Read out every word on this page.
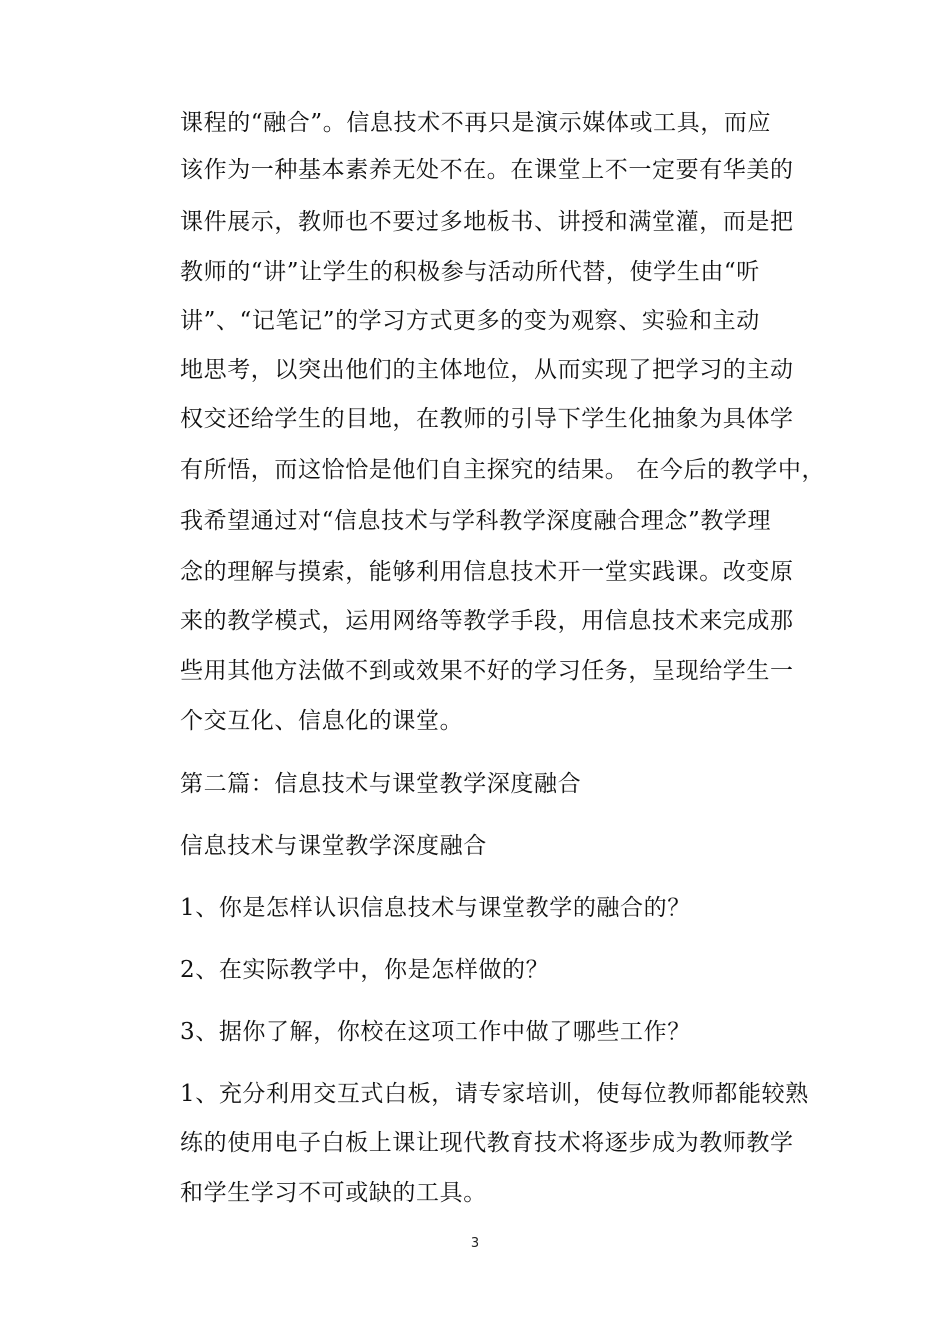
课程的“融合”。信息技术不再只是演示媒体或工具，而应
该作为一种基本素养无处不在。在课堂上不一定要有华美的
课件展示，教师也不要过多地板书、讲授和满堂灌，而是把
教师的“讲”让学生的积极参与活动所代替，使学生由“听
讲”、“记笔记”的学习方式更多的变为观察、实验和主动
地思考，以突出他们的主体地位，从而实现了把学习的主动
权交还给学生的目地，在教师的引导下学生化抽象为具体学
有所悟，而这恰恰是他们自主探究的结果。 在今后的教学中，
我希望通过对“信息技术与学科教学深度融合理念”教学理
念的理解与摸索，能够利用信息技术开一堂实践课。改变原
来的教学模式，运用网络等教学手段，用信息技术来完成那
些用其他方法做不到或效果不好的学习任务，呈现给学生一
个交互化、信息化的课堂。
第二篇：信息技术与课堂教学深度融合
信息技术与课堂教学深度融合
1、你是怎样认识信息技术与课堂教学的融合的？
2、在实际教学中，你是怎样做的？
3、据你了解，你校在这项工作中做了哪些工作？
1、充分利用交互式白板，请专家培训，使每位教师都能较熟
练的使用电子白板上课让现代教育技术将逐步成为教师教学
和学生学习不可或缺的工具。
3
